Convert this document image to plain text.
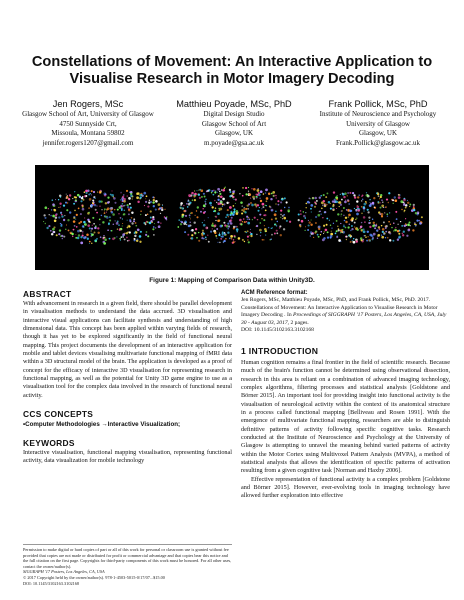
Constellations of Movement: An Interactive Application to Visualise Research in Motor Imagery Decoding
Jen Rogers, MSc
Glasgow School of Art, University of Glasgow
4750 Sunnyside Crt,
Missoula, Montana 59802
jennifer.rogers1207@gmail.com
Matthieu Poyade, MSc, PhD
Digital Design Studio
Glasgow School of Art
Glasgow, UK
m.poyade@gsa.ac.uk
Frank Pollick, MSc, PhD
Institute of Neuroscience and Psychology
University of Glasgow
Glasgow, UK
Frank.Pollick@glasgow.ac.uk
Figure 1: Mapping of Comparison Data within Unity3D.
ABSTRACT

With advancement in research in a given field, there should be parallel development in visualisation methods to understand the data accrued. 3D visualisation and interactive visual applications can facilitate synthesis and understanding of high dimensional data. This concept has been applied within varying fields of research, though it has yet to be explored significantly in the field of functional neural mapping. This project documents the development of an interactive application for mobile and tablet devices visualising multivariate functional mapping of fMRI data within a 3D structural model of the brain. The application is developed as a proof of concept for the efficacy of interactive 3D visualisation for representing research in functional mapping, as well as the potential for Unity 3D game engine to use as a visualisation tool for the complex data involved in the research of functional neural activity.

CCS CONCEPTS
•Computer Methodologies →Interactive Visualization;
KEYWORDS

Interactive visualisation, functional mapping visualisation, representing functional activity, data visualization for mobile technology

Permission to make digital or hard copies of part or all of this work for personal or classroom use is granted without fee provided that copies are not made or distributed for profit or commercial advantage and that copies bear this notice and the full citation on the first page. Copyrights for third-party components of this work must be honored. For all other uses, contact the owner/author(s).

SIGGRAPH '17 Posters, Los Angeles, CA, USA

© 2017 Copyright held by the owner/author(s). 978-1-4503-5015-0/17/07...$15.00

DOI: 10.1145/3102163.3102168

ACM Reference format:
Jen Rogers, MSc, Matthieu Poyade, MSc, PhD, and Frank Pollick, MSc, PhD. 2017. Constellations of Movement: An Interactive Application to Visualise Research in Motor Imagery Decoding . In Proceedings of SIGGRAPH '17 Posters, Los Angeles, CA, USA, July 30 - August 03, 2017, 2 pages.
DOI: 10.1145/3102163.3102168
1 INTRODUCTION

Human cognition remains a final frontier in the field of scientific research. Because much of the brain's function cannot be determined using observational dissection, research in this area is reliant on a combination of advanced imaging technology, complex algorithms, filtering processes and statistical analysis [Goldstone and Börner 2015]. An important tool for providing insight into functional activity is the visualisation of neurological activity within the context of its anatomical structure in a process called functional mapping [Belliveau and Rosen 1991]. With the emergence of multivariate functional mapping, researchers are able to distinguish definitive patterns of activity following specific cognitive tasks. Research conducted at the Institute of Neuroscience and Psychology at the University of Glasgow is attempting to unravel the meaning behind varied patterns of activity within the Motor Cortex using Multivoxel Pattern Analysis (MVPA), a method of statistical analysis that allows the identification of specific patterns of activation resulting from a given cognitive task [Norman and Haxby 2006].

Effective representation of functional activity is a complex problem [Goldstone and Börner 2015]. However, ever-evolving tools in imaging technology have allowed further exploration into effective
